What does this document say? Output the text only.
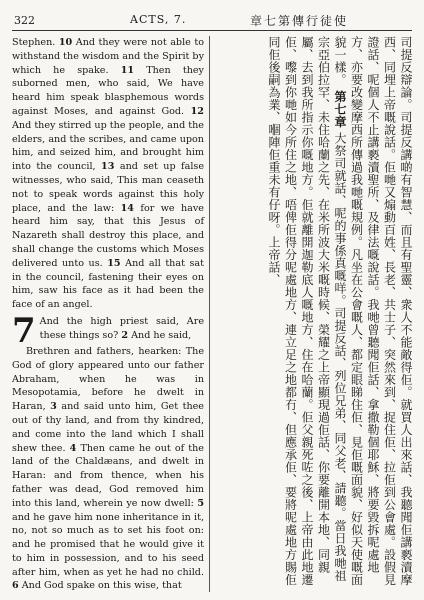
322	ACTS, 7.	章七第傳行徒使

Stephen. 10 And they were not able to withstand the wisdom and the Spirit by which he spake. 11 Then they suborned men, who said, We have heard him speak blasphemous words against Moses, and against God. 12 And they stirred up the people, and the elders, and the scribes, and came upon him, and seized him, and brought him into the council, 13 and set up false witnesses, who said, This man ceaseth not to speak words against this holy place, and the law: 14 for we have heard him say, that this Jesus of Nazareth shall destroy this place, and shall change the customs which Moses delivered unto us. 15 And all that sat in the council, fastening their eyes on him, saw his face as it had been the face of an angel.

7 And the high priest said, Are these things so? 2 And he said,

Brethren and fathers, hearken: The God of glory appeared unto our father Abraham, when he was in Mesopotamia, before he dwelt in Haran, 3 and said unto him, Get thee out of thy land, and from thy kindred, and come into the land which I shall shew thee. 4 Then came he out of the land of the Chaldæans, and dwelt in Haran: and from thence, when his father was dead, God removed him into this land, wherein ye now dwell: 5 and he gave him none inheritance in it, no, not so much as to set his foot on: and he promised that he would give it to him in possession, and to his seed after him, when as yet he had no child. 6 And God spake on this wise, that	司提反辯論。司提反講啲有智慧、而且有聖靈、衆人不能敵得佢。就買人出來話、我聽聞佢講褻瀆摩西、同埋上帝嘅說話。佢哋又煽動百姓、長老、共士子、突然來到、捉住佢、拉佢到公會處。設假見證話、呢個人不止講褻瀆聖所、及律法嘅說話。我哋曾聽聞佢話、拿撒勒個耶穌、將要毀拆呢處地方、亦要改變摩西所傳過我哋嘅規例。凡坐在公會嘅人、都定眼睇住佢、見佢嘅面貌、好似天使嘅面貌一樣。 第七章 大祭司就話、呢的事係真嘅咩。司提反話、列位兄弟、同父老、請聽。當日我哋祖宗亞伯拉罕、未住哈蘭之先、在米所波大米嘅時候、榮耀之上帝顯現過佢話、你要離開本地、同親屬、去到我所指示你嘅地方。佢就離開迦勒底人嘅地方、住在哈蘭。佢父親死咗之後、上帝由此地遷佢、嚟到你哋如今所住之地、唔俾佢得分呢處地方、連立足之地都冇、但應承佢、要將呢處地方賜佢同佢後嗣為業、嗰陣佢重未有仔呀。上帝話、
